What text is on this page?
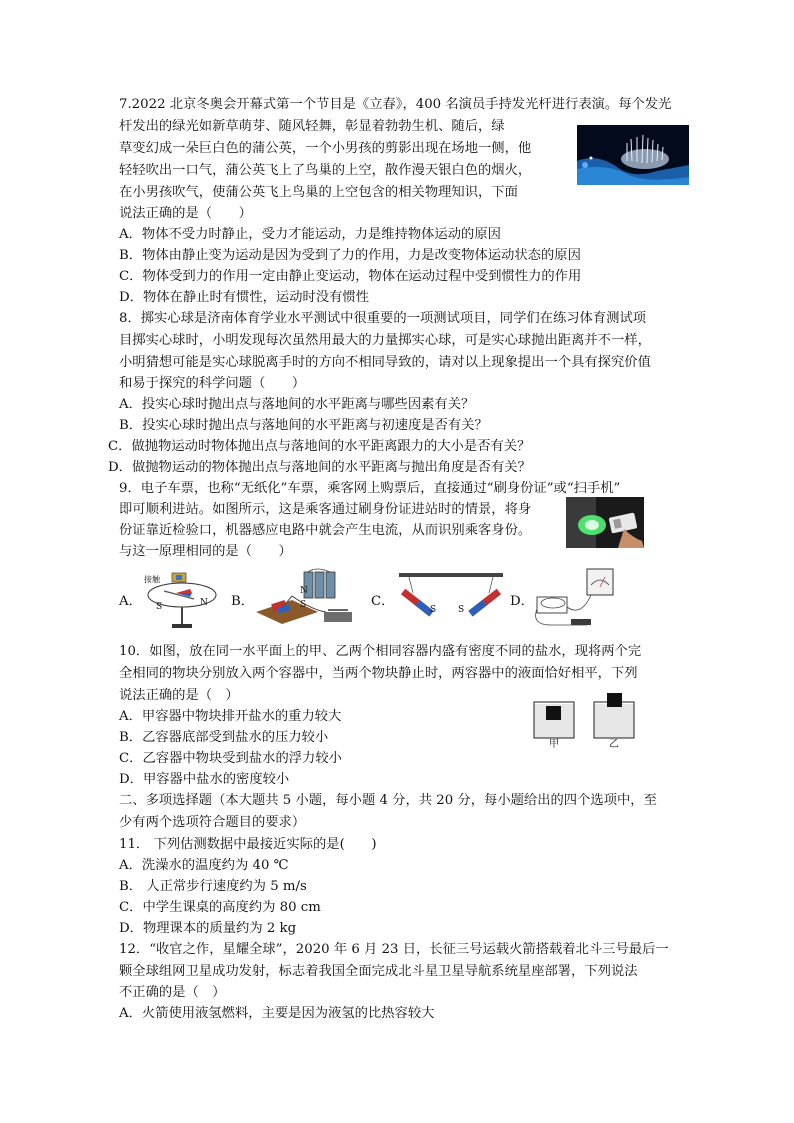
7.2022 北京冬奥会开幕式第一个节目是《立春》，400 名演员手持发光杆进行表演。每个发光
杆发出的绿光如新草萌芽、随风轻舞，彰显着勃勃生机、随后，绿
草变幻成一朵巨白色的蒲公英，一个小男孩的剪影出现在场地一侧，他
轻轻吹出一口气，蒲公英飞上了鸟巢的上空，散作漫天银白色的烟火，
在小男孩吹气，使蒲公英飞上鸟巢的上空包含的相关物理知识，下面
说法正确的是（　　）
A．物体不受力时静止，受力才能运动，力是维持物体运动的原因
B．物体由静止变为运动是因为受到了力的作用，力是改变物体运动状态的原因
C．物体受到力的作用一定由静止变运动，物体在运动过程中受到惯性力的作用
D．物体在静止时有惯性，运动时没有惯性
8．掷实心球是济南体育学业水平测试中很重要的一项测试项目，同学们在练习体育测试项
目掷实心球时，小明发现每次虽然用最大的力量掷实心球，可是实心球抛出距离并不一样，
小明猜想可能是实心球脱离手时的方向不相同导致的，请对以上现象提出一个具有探究价值
和易于探究的科学问题（　　）
A．投实心球时抛出点与落地间的水平距离与哪些因素有关？
B．投实心球时抛出点与落地间的水平距离与初速度是否有关？
C．做抛物运动时物体抛出点与落地间的水平距离跟力的大小是否有关？
D．做抛物运动的物体抛出点与落地间的水平距离与抛出角度是否有关？
9．电子车票，也称“无纸化”车票，乘客网上购票后，直接通过“刷身份证”或“扫手机”
即可顺利进站。如图所示，这是乘客通过刷身份证进站时的情景，将身
份证靠近检验口，机器感应电路中就会产生电流，从而识别乘客身份。
与这一原理相同的是（　　）
A．	B．	C．	D．
接触
N
S
N
S	S S
10．如图，放在同一水平面上的甲、乙两个相同容器内盛有密度不同的盐水，现将两个完
全相同的物块分别放入两个容器中，当两个物块静止时，两容器中的液面恰好相平，下列
说法正确的是（　）
A．甲容器中物块排开盐水的重力较大
B．乙容器底部受到盐水的压力较小
C．乙容器中物块受到盐水的浮力较小
D．甲容器中盐水的密度较小
甲	乙
二、多项选择题（本大题共 5 小题，每小题 4 分，共 20 分，每小题给出的四个选项中，至
少有两个选项符合题目的要求）
11． 下列估测数据中最接近实际的是(　　)
A．洗澡水的温度约为 40 ℃
B． 人正常步行速度约为 5 m/s
C．中学生课桌的高度约为 80 cm
D．物理课本的质量约为 2 kg
12．“收官之作，星耀全球”，2020 年 6 月 23 日，长征三号运载火箭搭载着北斗三号最后一
颗全球组网卫星成功发射，标志着我国全面完成北斗星卫星导航系统星座部署，下列说法
不正确的是（　）
A．火箭使用液氢燃料，主要是因为液氢的比热容较大
